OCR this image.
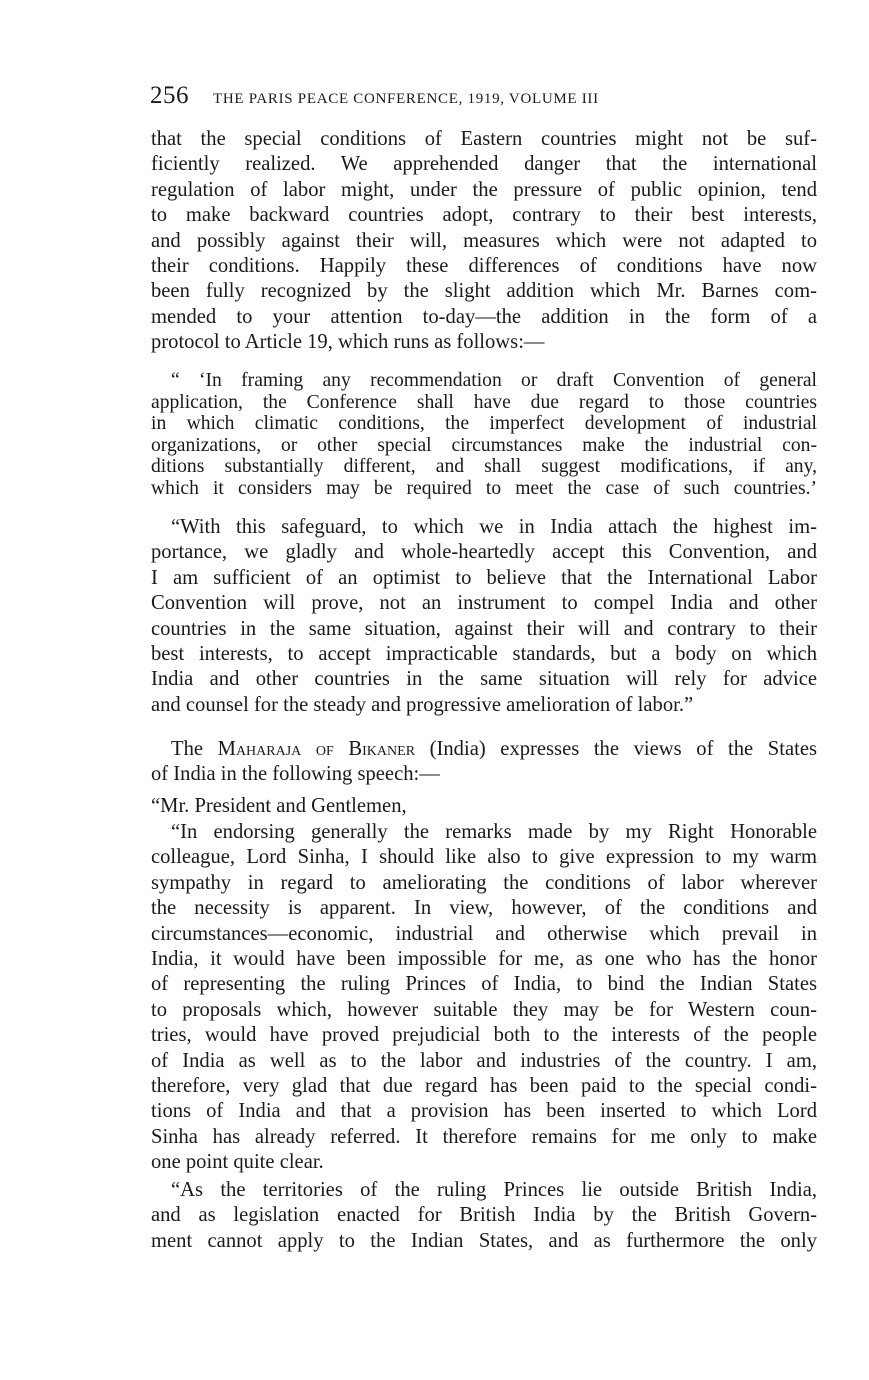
256 THE PARIS PEACE CONFERENCE, 1919, VOLUME III
that the special conditions of Eastern countries might not be suf-
ficiently realized. We apprehended danger that the international
regulation of labor might, under the pressure of public opinion, tend
to make backward countries adopt, contrary to their best interests,
and possibly against their will, measures which were not adapted to
their conditions. Happily these differences of conditions have now
been fully recognized by the slight addition which Mr. Barnes com-
mended to your attention to-day—the addition in the form of a
protocol to Article 19, which runs as follows:—
“ ‘In framing any recommendation or draft Convention of general
application, the Conference shall have due regard to those countries
in which climatic conditions, the imperfect development of industrial
organizations, or other special circumstances make the industrial con-
ditions substantially different, and shall suggest modifications, if any,
which it considers may be required to meet the case of such countries.’
“With this safeguard, to which we in India attach the highest im-
portance, we gladly and whole-heartedly accept this Convention, and
I am sufficient of an optimist to believe that the International Labor
Convention will prove, not an instrument to compel India and other
countries in the same situation, against their will and contrary to their
best interests, to accept impracticable standards, but a body on which
India and other countries in the same situation will rely for advice
and counsel for the steady and progressive amelioration of labor.”
The Maharaja of Bikaner (India) expresses the views of the States
of India in the following speech:—
“Mr. President and Gentlemen,
“In endorsing generally the remarks made by my Right Honorable
colleague, Lord Sinha, I should like also to give expression to my warm
sympathy in regard to ameliorating the conditions of labor wherever
the necessity is apparent. In view, however, of the conditions and
circumstances—economic, industrial and otherwise which prevail in
India, it would have been impossible for me, as one who has the honor
of representing the ruling Princes of India, to bind the Indian States
to proposals which, however suitable they may be for Western coun-
tries, would have proved prejudicial both to the interests of the people
of India as well as to the labor and industries of the country. I am,
therefore, very glad that due regard has been paid to the special condi-
tions of India and that a provision has been inserted to which Lord
Sinha has already referred. It therefore remains for me only to make
one point quite clear.
“As the territories of the ruling Princes lie outside British India,
and as legislation enacted for British India by the British Govern-
ment cannot apply to the Indian States, and as furthermore the only
